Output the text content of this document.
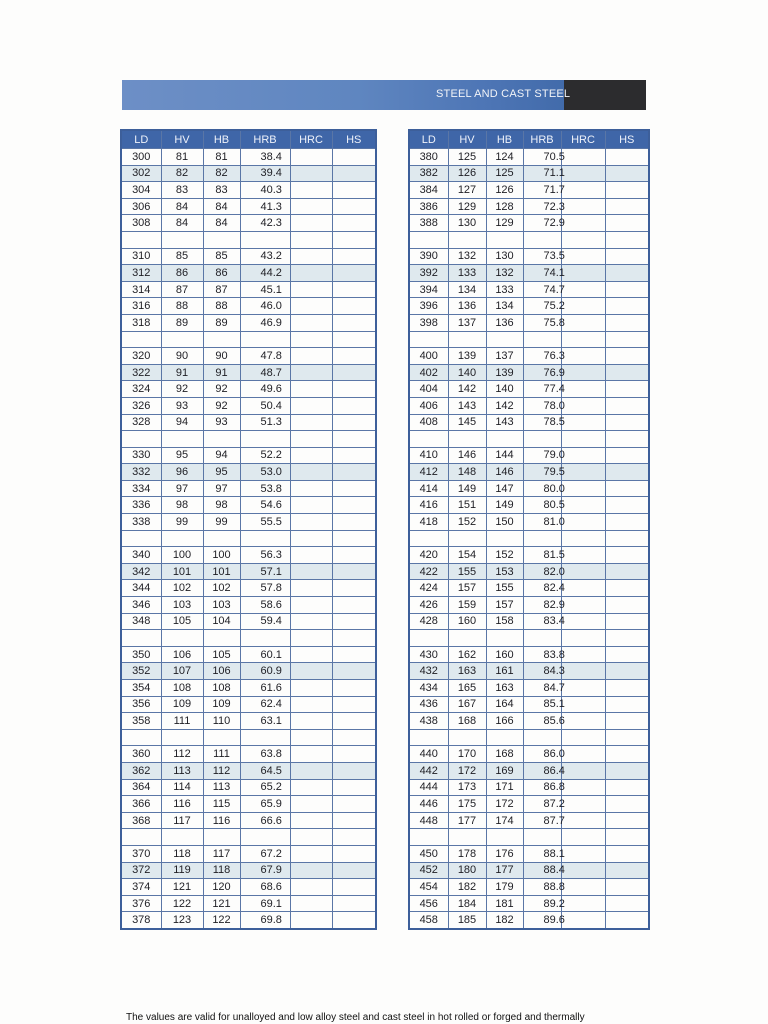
STEEL AND CAST STEEL
LD	HV	HB	HRB	HRC	HS
300	81	81	38.4		
302	82	82	39.4		
304	83	83	40.3		
306	84	84	41.3		
308	84	84	42.3		

310	85	85	43.2		
312	86	86	44.2		
314	87	87	45.1		
316	88	88	46.0		
318	89	89	46.9		

320	90	90	47.8		
322	91	91	48.7		
324	92	92	49.6		
326	93	92	50.4		
328	94	93	51.3		

330	95	94	52.2		
332	96	95	53.0		
334	97	97	53.8		
336	98	98	54.6		
338	99	99	55.5		

340	100	100	56.3		
342	101	101	57.1		
344	102	102	57.8		
346	103	103	58.6		
348	105	104	59.4		

350	106	105	60.1		
352	107	106	60.9		
354	108	108	61.6		
356	109	109	62.4		
358	111	110	63.1		

360	112	111	63.8		
362	113	112	64.5		
364	114	113	65.2		
366	116	115	65.9		
368	117	116	66.6		

370	118	117	67.2		
372	119	118	67.9		
374	121	120	68.6		
376	122	121	69.1		
378	123	122	69.8		
LD	HV	HB	HRB	HRC	HS
380	125	124	70.5		
382	126	125	71.1		
384	127	126	71.7		
386	129	128	72.3		
388	130	129	72.9		

390	132	130	73.5		
392	133	132	74.1		
394	134	133	74.7		
396	136	134	75.2		
398	137	136	75.8		

400	139	137	76.3		
402	140	139	76.9		
404	142	140	77.4		
406	143	142	78.0		
408	145	143	78.5		

410	146	144	79.0		
412	148	146	79.5		
414	149	147	80.0		
416	151	149	80.5		
418	152	150	81.0		

420	154	152	81.5		
422	155	153	82.0		
424	157	155	82.4		
426	159	157	82.9		
428	160	158	83.4		

430	162	160	83.8		
432	163	161	84.3		
434	165	163	84.7		
436	167	164	85.1		
438	168	166	85.6		

440	170	168	86.0		
442	172	169	86.4		
444	173	171	86.8		
446	175	172	87.2		
448	177	174	87.7		

450	178	176	88.1		
452	180	177	88.4		
454	182	179	88.8		
456	184	181	89.2		
458	185	182	89.6		
The values are valid for unalloyed and low alloy steel and cast steel in hot rolled or forged and thermally
